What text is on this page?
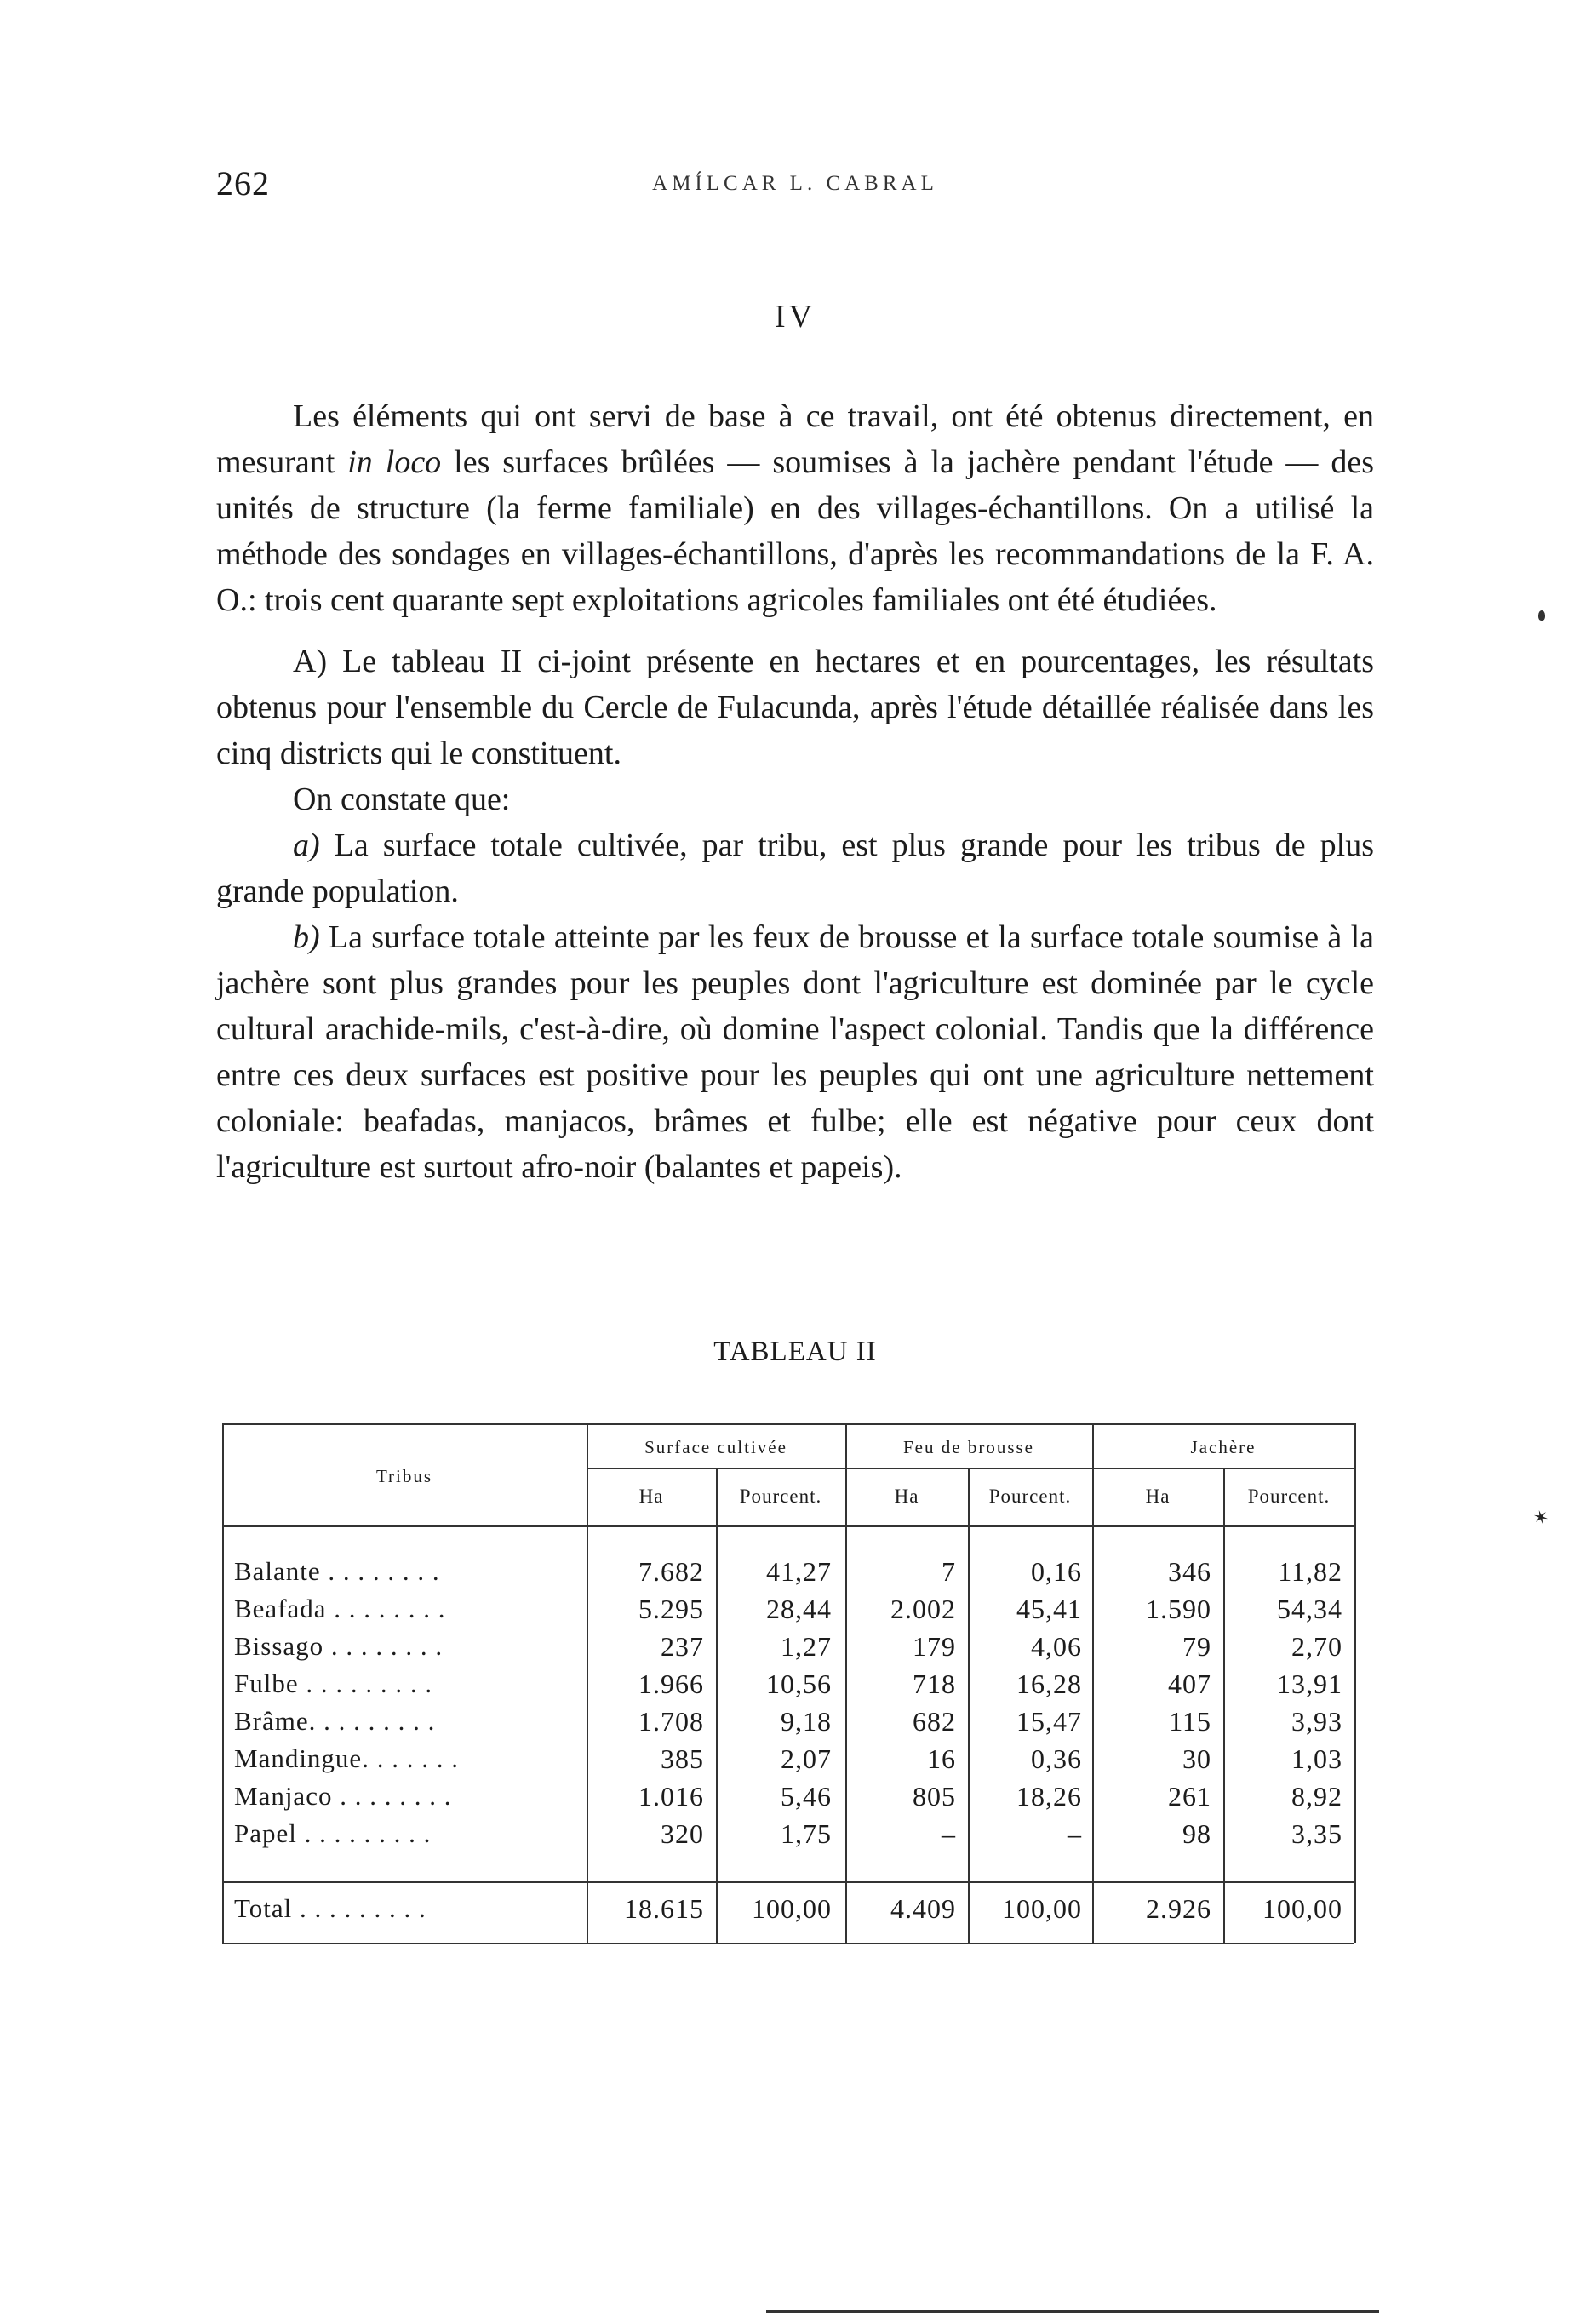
262	AMÍLCAR L. CABRAL
IV

Les éléments qui ont servi de base à ce travail, ont été obtenus directement, en mesurant in loco les surfaces brûlées — soumises à la jachère pendant l'étude — des unités de structure (la ferme familiale) en des villages-échantillons. On a utilisé la méthode des sondages en villages-échantillons, d'après les recommandations de la F. A. O.: trois cent quarante sept exploitations agricoles familiales ont été étudiées.

A) Le tableau II ci-joint présente en hectares et en pourcentages, les résultats obtenus pour l'ensemble du Cercle de Fulacunda, après l'étude détaillée réalisée dans les cinq districts qui le constituent.

On constate que:

a) La surface totale cultivée, par tribu, est plus grande pour les tribus de plus grande population.

b) La surface totale atteinte par les feux de brousse et la surface totale soumise à la jachère sont plus grandes pour les peuples dont l'agriculture est dominée par le cycle cultural arachide-mils, c'est-à-dire, où domine l'aspect colonial. Tandis que la différence entre ces deux surfaces est positive pour les peuples qui ont une agriculture nettement coloniale: beafadas, manjacos, brâmes et fulbe; elle est négative pour ceux dont l'agriculture est surtout afro-noir (balantes et papeis).

✶
TABLEAU II
Tribus
Surface cultivée	Feu de brousse	Jachère
Ha	Pourcent.	Ha	Pourcent.	Ha	Pourcent.
Balante . . . . . . . .	7.682	41,27	7	0,16	346	11,82
Beafada . . . . . . . .	5.295	28,44	2.002	45,41	1.590	54,34
Bissago . . . . . . . .	237	1,27	179	4,06	79	2,70
Fulbe . . . . . . . . .	1.966	10,56	718	16,28	407	13,91
Brâme. . . . . . . . .	1.708	9,18	682	15,47	115	3,93
Mandingue. . . . . . .	385	2,07	16	0,36	30	1,03
Manjaco . . . . . . . .	1.016	5,46	805	18,26	261	8,92
Papel . . . . . . . . .	320	1,75	–	–	98	3,35
Total . . . . . . . . .	18.615	100,00	4.409	100,00	2.926	100,00
